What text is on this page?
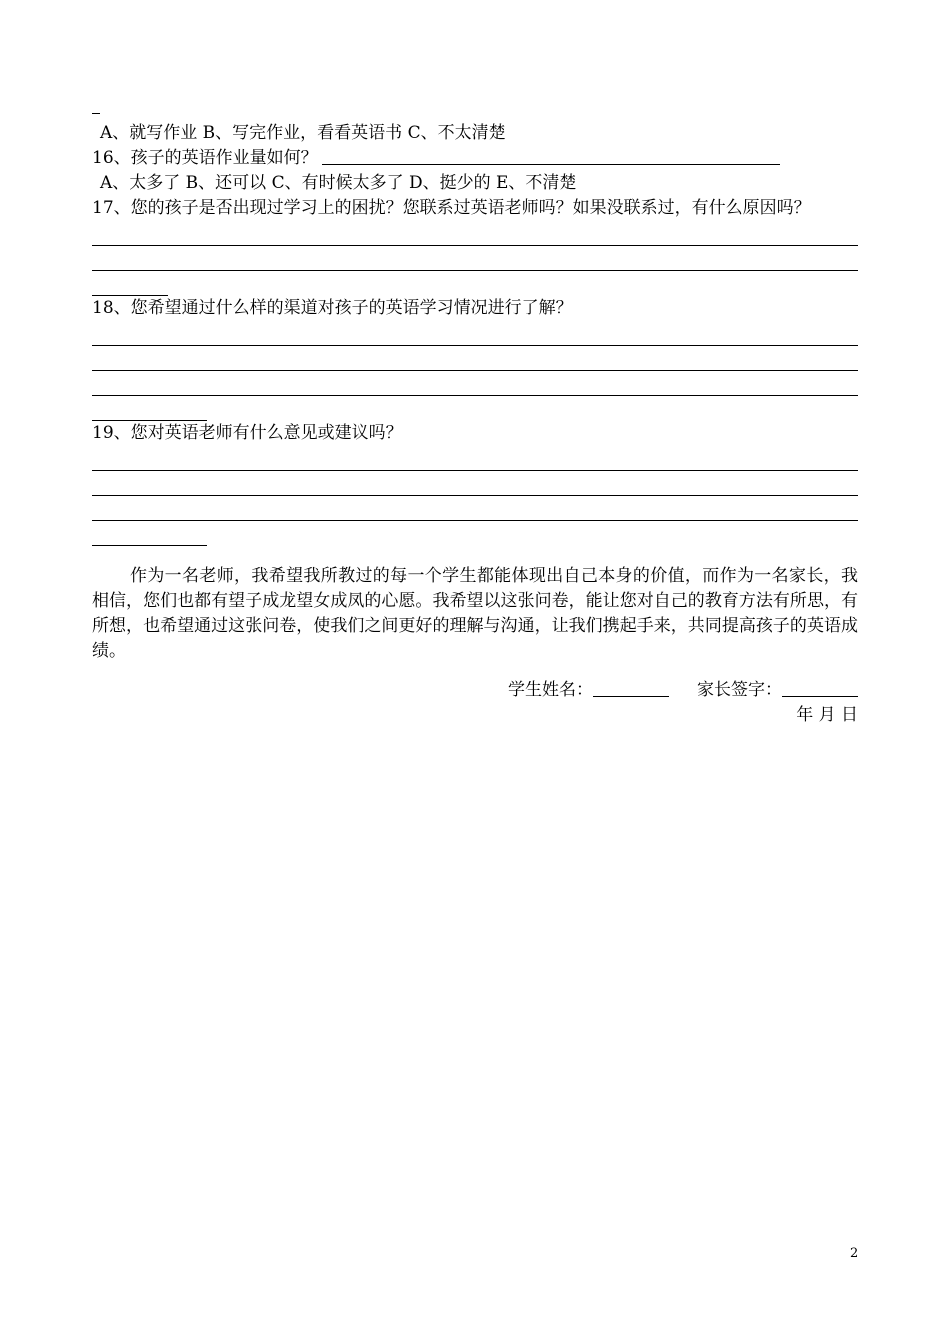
A、就写作业 B、写完作业，看看英语书 C、不太清楚
16、孩子的英语作业量如何？
A、太多了 B、还可以 C、有时候太多了 D、挺少的 E、不清楚
17、您的孩子是否出现过学习上的困扰？您联系过英语老师吗？如果没联系过，有什么原因吗？
18、您希望通过什么样的渠道对孩子的英语学习情况进行了解？
19、您对英语老师有什么意见或建议吗？
作为一名老师，我希望我所教过的每一个学生都能体现出自己本身的价值，而作为一名家长，我相信，您们也都有望子成龙望女成凤的心愿。我希望以这张问卷，能让您对自己的教育方法有所思，有所想，也希望通过这张问卷，使我们之间更好的理解与沟通，让我们携起手来，共同提高孩子的英语成绩。
学生姓名：	家长签字：
年 月 日
2
